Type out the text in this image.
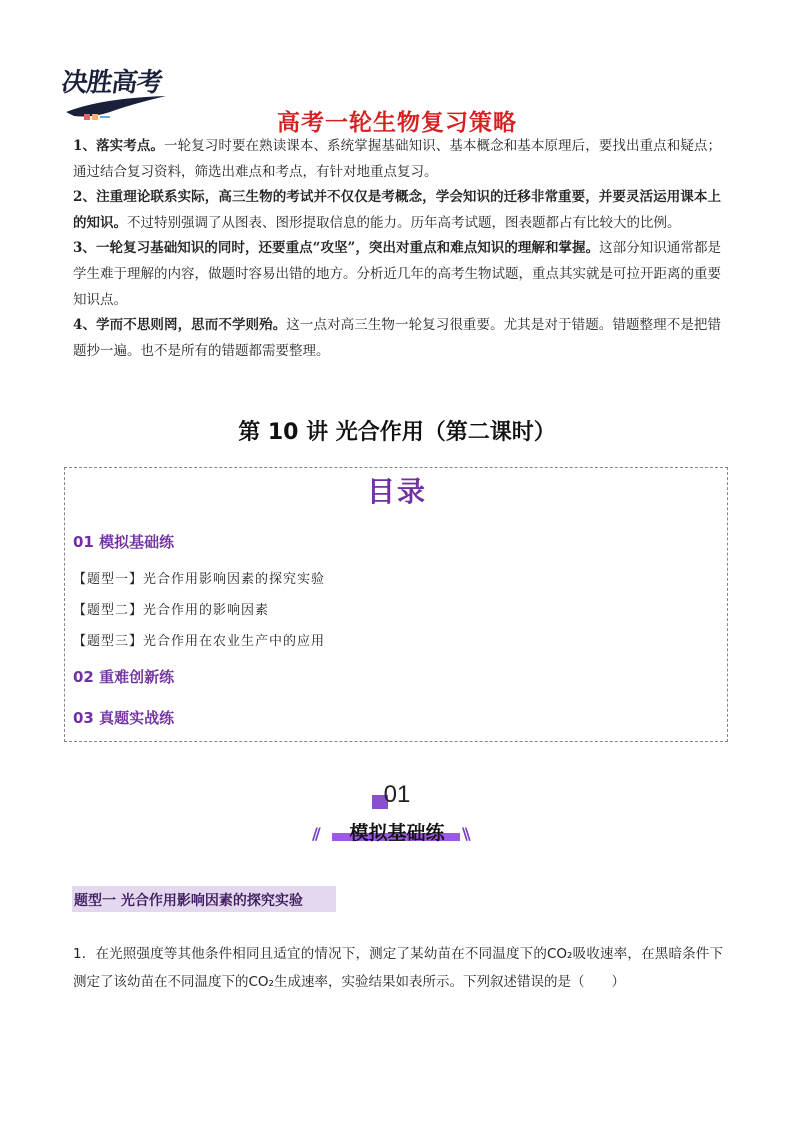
决胜高考
高考一轮生物复习策略

1、落实考点。一轮复习时要在熟读课本、系统掌握基础知识、基本概念和基本原理后，要找出重点和疑点；通过结合复习资料，筛选出难点和考点，有针对地重点复习。

2、注重理论联系实际，高三生物的考试并不仅仅是考概念，学会知识的迁移非常重要，并要灵活运用课本上的知识。不过特别强调了从图表、图形提取信息的能力。历年高考试题，图表题都占有比较大的比例。

3、一轮复习基础知识的同时，还要重点“攻坚”，突出对重点和难点知识的理解和掌握。这部分知识通常都是学生难于理解的内容，做题时容易出错的地方。分析近几年的高考生物试题，重点其实就是可拉开距离的重要知识点。

4、学而不思则罔，思而不学则殆。这一点对高三生物一轮复习很重要。尤其是对于错题。错题整理不是把错题抄一遍。也不是所有的错题都需要整理。

第 10 讲 光合作用（第二课时）
目录
01 模拟基础练
【题型一】光合作用影响因素的探究实验
【题型二】光合作用的影响因素
【题型三】光合作用在农业生产中的应用
02 重难创新练
03 真题实战练
01
//	模拟基础练	\\
题型一 光合作用影响因素的探究实验
1．在光照强度等其他条件相同且适宜的情况下，测定了某幼苗在不同温度下的CO₂吸收速率，在黑暗条件下测定了该幼苗在不同温度下的CO₂生成速率，实验结果如表所示。下列叙述错误的是（　　）
